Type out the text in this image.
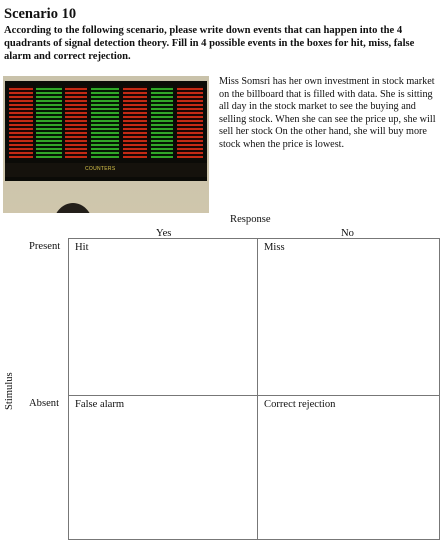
Scenario 10
According to the following scenario, please write down events that can happen into the 4 quadrants of signal detection theory. Fill in 4 possible events in the boxes for hit, miss, false alarm and correct rejection.
COUNTERS
Miss Somsri has her own investment in stock market on the billboard that is filled with data. She is sitting all day in the stock market to see the buying and selling stock. When she can see the price up, she will sell her stock On the other hand, she will buy more stock when the price is lowest.
Response
Yes	No
Present
Absent
Stimulus
Hit	Miss
False alarm	Correct rejection
